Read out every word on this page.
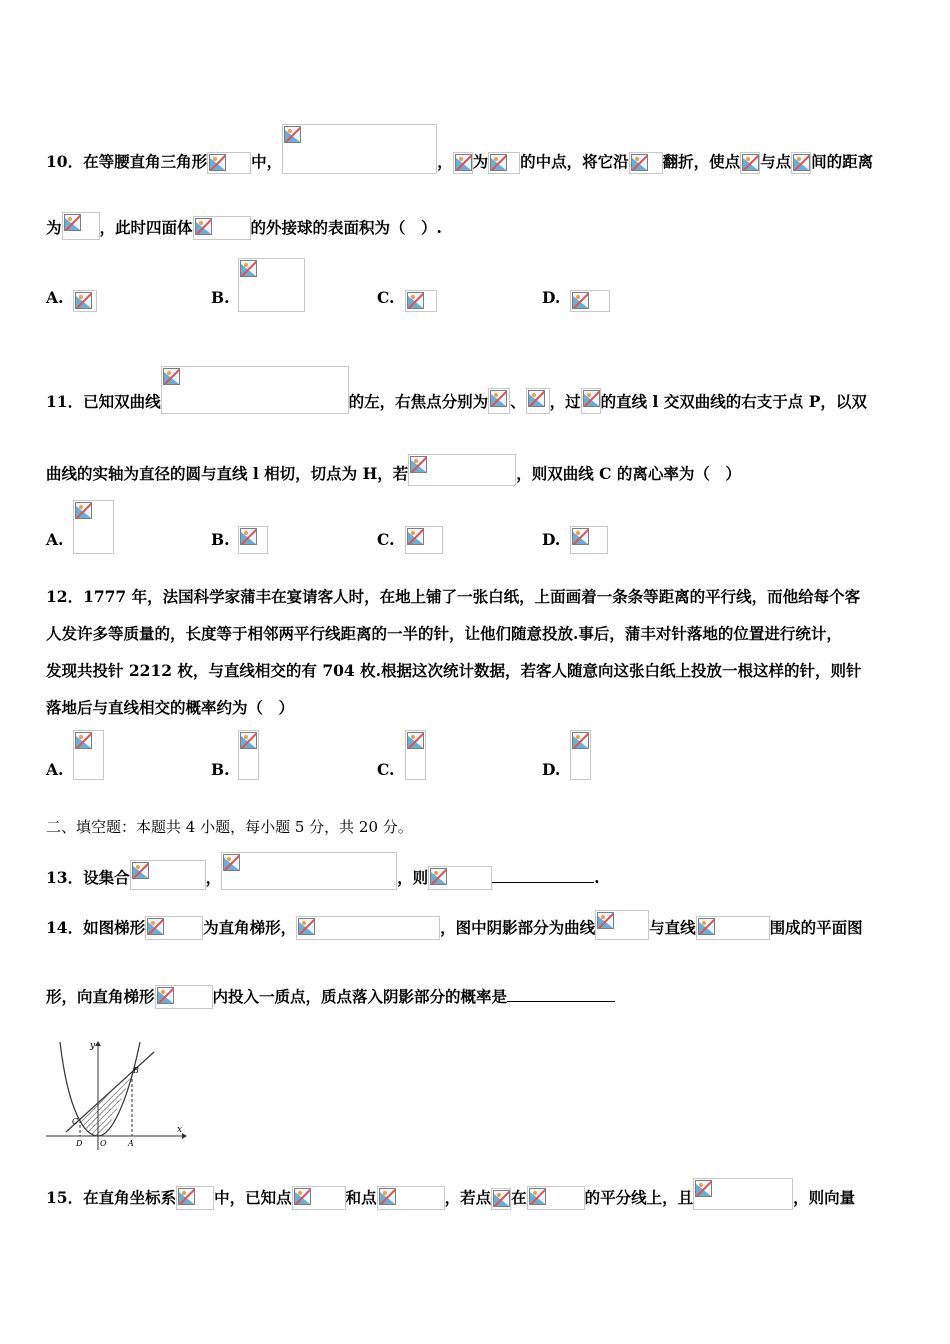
10．在等腰直角三角形	中，	， 为 的中点，将它沿 翻折，使点 与点 间的距离
为 ，此时四面体	的外接球的表面积为（　）.
A.	B.	C.	D.
11．已知双曲线	的左，右焦点分别为 、 ，过 的直线 l 交双曲线的右支于点 P，以双
曲线的实轴为直径的圆与直线 l 相切，切点为 H，若	，则双曲线 C 的离心率为（　）
A.	B.	C.	D.
12．1777 年，法国科学家蒲丰在宴请客人时，在地上铺了一张白纸，上面画着一条条等距离的平行线，而他给每个客
人发许多等质量的，长度等于相邻两平行线距离的一半的针，让他们随意投放.事后，蒲丰对针落地的位置进行统计，
发现共投针 2212 枚，与直线相交的有 704 枚.根据这次统计数据，若客人随意向这张白纸上投放一根这样的针，则针
落地后与直线相交的概率约为（　）
A.	B.	C.	D.
二、填空题：本题共 4 小题，每小题 5 分，共 20 分。
13．设集合	，	，则	.
14．如图梯形	为直角梯形，	，图中阴影部分为曲线	与直线	围成的平面图
形，向直角梯形	内投入一质点，质点落入阴影部分的概率是
y
x
B
C
D O	A
15．在直角坐标系 中，已知点	和点	，若点 在	的平分线上，且	，则向量
